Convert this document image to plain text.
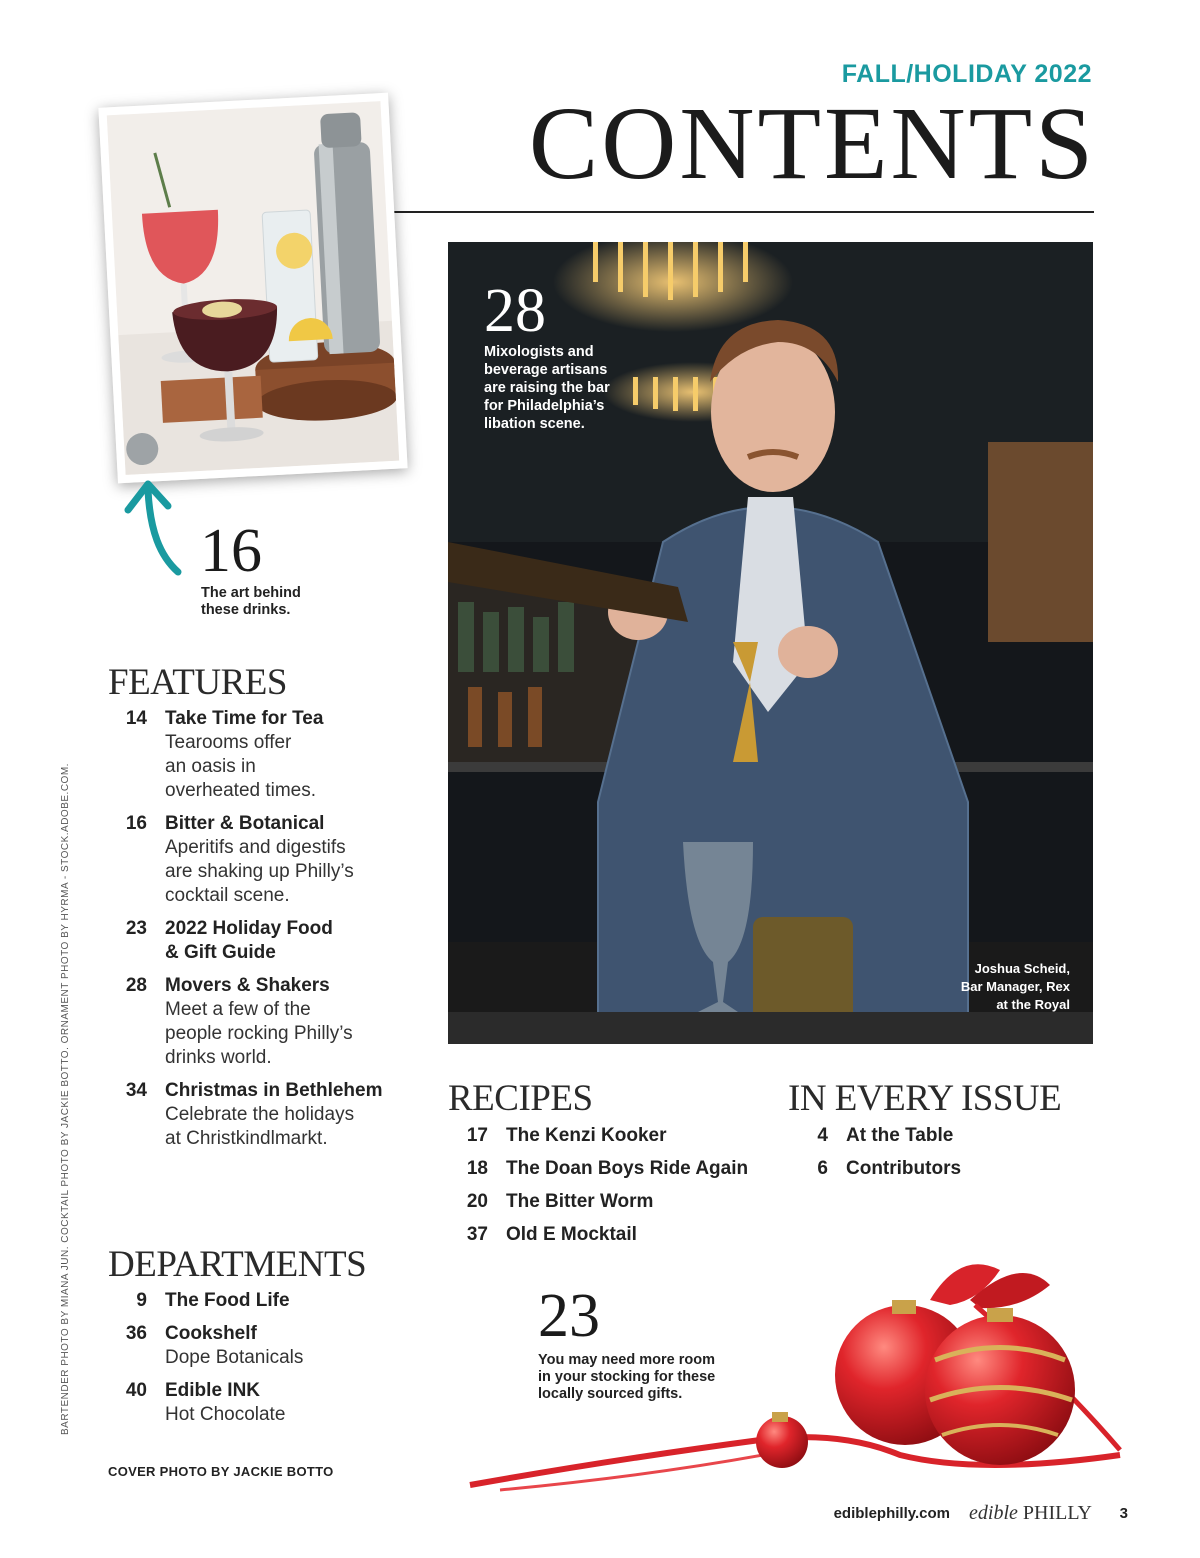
FALL/HOLIDAY 2022
CONTENTS
16
The art behind
these drinks.
FEATURES
14 Take Time for Tea
Tearooms offer
an oasis in
overheated times.
16 Bitter & Botanical
Aperitifs and digestifs
are shaking up Philly’s
cocktail scene.
23 2022 Holiday Food
& Gift Guide
28 Movers & Shakers
Meet a few of the
people rocking Philly’s
drinks world.
34 Christmas in Bethlehem
Celebrate the holidays
at Christkindlmarkt.
DEPARTMENTS
9 The Food Life
36 Cookshelf
Dope Botanicals
40 Edible INK
Hot Chocolate
28
Mixologists and
beverage artisans
are raising the bar
for Philadelphia’s
libation scene.
Joshua Scheid,
Bar Manager, Rex
at the Royal
RECIPES
17 The Kenzi Kooker
18 The Doan Boys Ride Again
20 The Bitter Worm
37 Old E Mocktail
IN EVERY ISSUE
4 At the Table
6 Contributors
23
You may need more room
in your stocking for these
locally sourced gifts.
BARTENDER PHOTO BY MIANA JUN. COCKTAIL PHOTO BY JACKIE BOTTO. ORNAMENT PHOTO BY HYRMA - STOCK.ADOBE.COM.
COVER PHOTO BY JACKIE BOTTO
ediblephilly.com edible PHILLY 3
